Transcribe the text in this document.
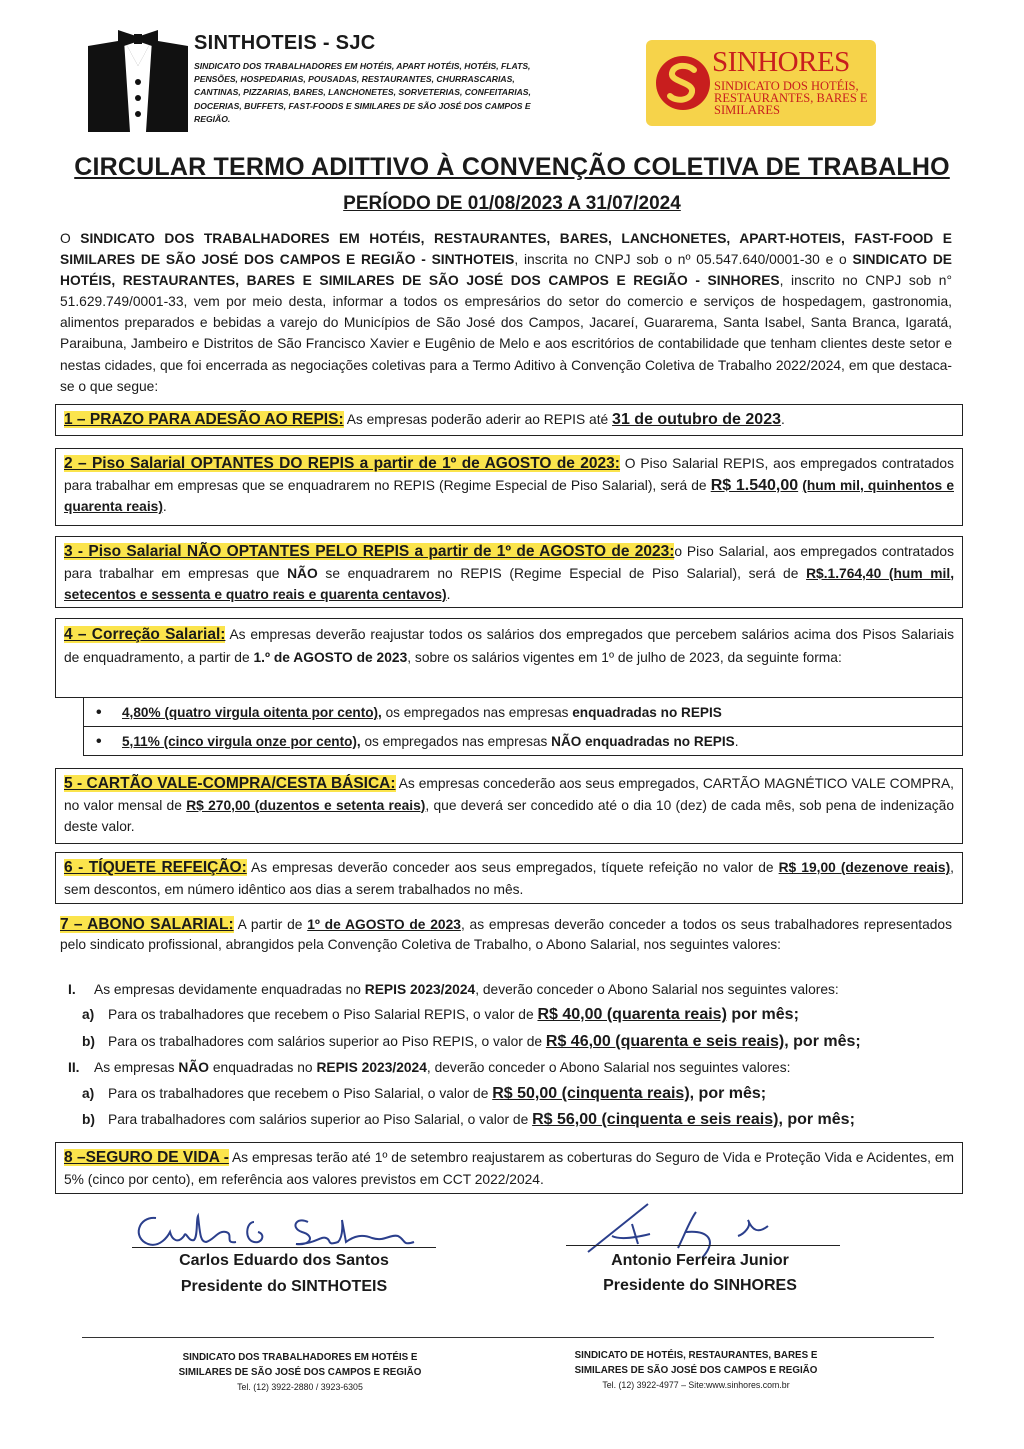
SINTHOTEIS - SJC
SINDICATO DOS TRABALHADORES EM HOTÉIS, APART HOTÉIS, HOTÉIS, FLATS, PENSÕES, HOSPEDARIAS, POUSADAS, RESTAURANTES, CHURRASCARIAS, CANTINAS, PIZZARIAS, BARES, LANCHONETES, SORVETERIAS, CONFEITARIAS, DOCERIAS, BUFFETS, FAST-FOODS E SIMILARES DE SÃO JOSÉ DOS CAMPOS E REGIÃO.
SINHORES
SINDICATO DOS HOTÉIS, RESTAURANTES, BARES E SIMILARES
CIRCULAR TERMO ADITTIVO À CONVENÇÃO COLETIVA DE TRABALHO
PERÍODO DE 01/08/2023 A 31/07/2024
O SINDICATO DOS TRABALHADORES EM HOTÉIS, RESTAURANTES, BARES, LANCHONETES, APART-HOTEIS, FAST-FOOD E SIMILARES DE SÃO JOSÉ DOS CAMPOS E REGIÃO - SINTHOTEIS, inscrita no CNPJ sob o nº 05.547.640/0001-30 e o SINDICATO DE HOTÉIS, RESTAURANTES, BARES E SIMILARES DE SÃO JOSÉ DOS CAMPOS E REGIÃO - SINHORES, inscrito no CNPJ sob n° 51.629.749/0001-33, vem por meio desta, informar a todos os empresários do setor do comercio e serviços de hospedagem, gastronomia, alimentos preparados e bebidas a varejo do Municípios de São José dos Campos, Jacareí, Guararema, Santa Isabel, Santa Branca, Igaratá, Paraibuna, Jambeiro e Distritos de São Francisco Xavier e Eugênio de Melo e aos escritórios de contabilidade que tenham clientes deste setor e nestas cidades, que foi encerrada as negociações coletivas para a Termo Aditivo à Convenção Coletiva de Trabalho 2022/2024, em que destaca-se o que segue:
1 – PRAZO PARA ADESÃO AO REPIS: As empresas poderão aderir ao REPIS até 31 de outubro de 2023.
2 – Piso Salarial OPTANTES DO REPIS a partir de 1º de AGOSTO de 2023: O Piso Salarial REPIS, aos empregados contratados para trabalhar em empresas que se enquadrarem no REPIS (Regime Especial de Piso Salarial), será de R$ 1.540,00 (hum mil, quinhentos e quarenta reais).
3 - Piso Salarial NÃO OPTANTES PELO REPIS a partir de 1º de AGOSTO de 2023:o Piso Salarial, aos empregados contratados para trabalhar em empresas que NÃO se enquadrarem no REPIS (Regime Especial de Piso Salarial), será de R$.1.764,40 (hum mil, setecentos e sessenta e quatro reais e quarenta centavos).
4 – Correção Salarial: As empresas deverão reajustar todos os salários dos empregados que percebem salários acima dos Pisos Salariais de enquadramento, a partir de 1.º de AGOSTO de 2023, sobre os salários vigentes em 1º de julho de 2023, da seguinte forma:
• 4,80% (quatro virgula oitenta por cento), os empregados nas empresas enquadradas no REPIS
• 5,11% (cinco virgula onze por cento), os empregados nas empresas NÃO enquadradas no REPIS.
5 - CARTÃO VALE-COMPRA/CESTA BÁSICA: As empresas concederão aos seus empregados, CARTÃO MAGNÉTICO VALE COMPRA, no valor mensal de R$ 270,00 (duzentos e setenta reais), que deverá ser concedido até o dia 10 (dez) de cada mês, sob pena de indenização deste valor.
6 - TÍQUETE REFEIÇÃO: As empresas deverão conceder aos seus empregados, tíquete refeição no valor de R$ 19,00 (dezenove reais), sem descontos, em número idêntico aos dias a serem trabalhados no mês.
7 – ABONO SALARIAL: A partir de 1º de AGOSTO de 2023, as empresas deverão conceder a todos os seus trabalhadores representados pelo sindicato profissional, abrangidos pela Convenção Coletiva de Trabalho, o Abono Salarial, nos seguintes valores:
I. As empresas devidamente enquadradas no REPIS 2023/2024, deverão conceder o Abono Salarial nos seguintes valores:
a) Para os trabalhadores que recebem o Piso Salarial REPIS, o valor de R$ 40,00 (quarenta reais) por mês;
b) Para os trabalhadores com salários superior ao Piso REPIS, o valor de R$ 46,00 (quarenta e seis reais), por mês;
II. As empresas NÃO enquadradas no REPIS 2023/2024, deverão conceder o Abono Salarial nos seguintes valores:
a) Para os trabalhadores que recebem o Piso Salarial, o valor de R$ 50,00 (cinquenta reais), por mês;
b) Para trabalhadores com salários superior ao Piso Salarial, o valor de R$ 56,00 (cinquenta e seis reais), por mês;
8 –SEGURO DE VIDA - As empresas terão até 1º de setembro reajustarem as coberturas do Seguro de Vida e Proteção Vida e Acidentes, em 5% (cinco por cento), em referência aos valores previstos em CCT 2022/2024.
Carlos Eduardo dos Santos
Presidente do SINTHOTEIS
Antonio Ferreira Junior
Presidente do SINHORES
SINDICATO DOS TRABALHADORES EM HOTÉIS E
SIMILARES DE SÃO JOSÉ DOS CAMPOS E REGIÃO
Tel. (12) 3922-2880 / 3923-6305
SINDICATO DE HOTÉIS, RESTAURANTES, BARES E
SIMILARES DE SÃO JOSÉ DOS CAMPOS E REGIÃO
Tel. (12) 3922-4977 – Site:www.sinhores.com.br
